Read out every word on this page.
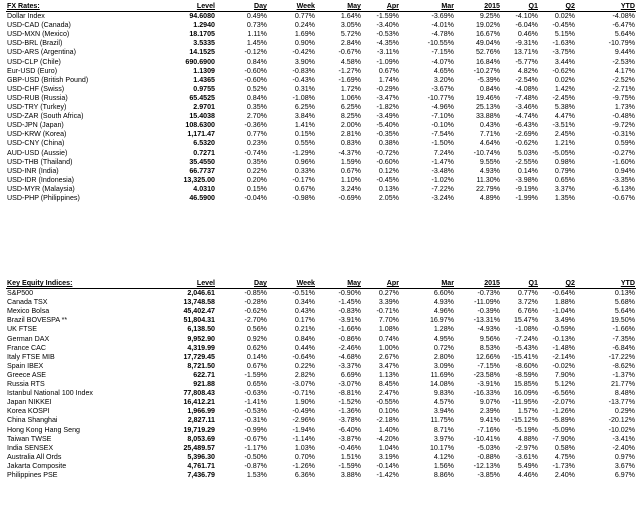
FX Rates:	Level	Day	Week	May	Apr	Mar	2015	Q1	Q2	YTD
Dollar Index	94.6080	0.49%	0.77%	1.64%	-1.59%	-3.69%	9.25%	-4.10%	0.02%	-4.08%
USD-CAD (Canada)	1.2940	0.73%	0.24%	3.05%	-3.40%	-4.01%	19.02%	-6.04%	-0.45%	-6.47%
USD-MXN (Mexico)	18.1705	1.11%	1.69%	5.72%	-0.53%	-4.78%	16.67%	0.46%	5.15%	5.64%
USD-BRL (Brazil)	3.5335	1.45%	0.90%	2.84%	-4.35%	-10.55%	49.04%	-9.31%	-1.63%	-10.79%
USD-ARS (Argentina)	14.1525	-0.12%	-0.42%	-0.67%	-3.11%	-7.15%	52.76%	13.71%	-3.75%	9.44%
USD-CLP (Chile)	690.6900	0.84%	3.90%	4.58%	-1.09%	-4.07%	16.84%	-5.77%	3.44%	-2.53%
Eur-USD (Euro)	1.1309	-0.60%	-0.83%	-1.27%	0.67%	4.65%	-10.27%	4.82%	-0.62%	4.17%
GBP-USD (British Pound)	1.4365	-0.60%	-0.43%	-1.69%	1.74%	3.20%	-5.39%	-2.54%	0.02%	-2.52%
USD-CHF (Swiss)	0.9755	0.52%	0.31%	1.72%	-0.29%	-3.67%	0.84%	-4.08%	1.42%	-2.71%
USD-RUB (Russia)	65.4525	0.84%	-1.08%	1.06%	-3.47%	-10.77%	19.46%	-7.48%	-2.45%	-9.75%
USD-TRY (Turkey)	2.9701	0.35%	6.25%	6.25%	-1.82%	-4.96%	25.13%	-3.46%	5.38%	1.73%
USD-ZAR (South Africa)	15.4038	2.70%	3.84%	8.25%	-3.49%	-7.10%	33.88%	-4.74%	4.47%	-0.48%
USD-JPN (Japan)	108.6300	-0.36%	1.41%	2.00%	-5.40%	-0.10%	0.43%	-6.43%	-3.51%	-9.72%
USD-KRW (Korea)	1,171.47	0.77%	0.15%	2.81%	-0.35%	-7.54%	7.71%	-2.69%	2.45%	-0.31%
USD-CNY (China)	6.5320	0.23%	0.55%	0.83%	0.38%	-1.50%	4.64%	-0.62%	1.21%	0.59%
AUD-USD (Aussie)	0.7271	-0.74%	-1.29%	-4.37%	-0.72%	7.24%	-10.74%	5.03%	-5.05%	-0.27%
USD-THB (Thailand)	35.4550	0.35%	0.96%	1.59%	-0.60%	-1.47%	9.55%	-2.55%	0.98%	-1.60%
USD-INR (India)	66.7737	0.22%	0.33%	0.67%	0.12%	-3.48%	4.93%	0.14%	0.79%	0.94%
USD-IDR (Indonesia)	13,325.00	0.20%	-0.17%	1.10%	-0.45%	-1.02%	11.30%	-3.98%	0.65%	-3.35%
USD-MYR (Malaysia)	4.0310	0.15%	0.67%	3.24%	0.13%	-7.22%	22.79%	-9.19%	3.37%	-6.13%
USD-PHP (Philippines)	46.5900	-0.04%	-0.98%	-0.69%	2.05%	-3.24%	4.89%	-1.99%	1.35%	-0.67%
Key Equity Indices:	Level	Day	Week	May	Apr	Mar	2015	Q1	Q2	YTD
S&P500	2,046.61	-0.85%	-0.51%	-0.90%	0.27%	6.60%	-0.73%	0.77%	-0.64%	0.13%
Canada TSX	13,748.58	-0.28%	0.34%	-1.45%	3.39%	4.93%	-11.09%	3.72%	1.88%	5.68%
Mexico Bolsa	45,402.47	-0.62%	0.43%	-0.83%	-0.71%	4.96%	-0.39%	6.76%	-1.04%	5.64%
Brazil BOVESPA **	51,804.31	-2.70%	0.17%	-3.91%	7.70%	16.97%	-13.31%	15.47%	3.49%	19.50%
UK FTSE	6,138.50	0.56%	0.21%	-1.66%	1.08%	1.28%	-4.93%	-1.08%	-0.59%	-1.66%
German DAX	9,952.90	0.92%	0.84%	-0.86%	0.74%	4.95%	9.56%	-7.24%	-0.13%	-7.35%
France CAC	4,319.99	0.62%	0.44%	-2.46%	1.00%	0.72%	8.53%	-5.43%	-1.48%	-6.84%
Italy FTSE MIB	17,729.45	0.14%	-0.64%	-4.68%	2.67%	2.80%	12.66%	-15.41%	-2.14%	-17.22%
Spain IBEX	8,721.50	0.67%	0.22%	-3.37%	3.47%	3.09%	-7.15%	-8.60%	-0.02%	-8.62%
Greece ASE	622.71	-1.59%	2.82%	6.69%	1.13%	11.69%	-23.58%	-8.59%	7.90%	-1.37%
Russia RTS	921.88	0.65%	-3.07%	-3.07%	8.45%	14.08%	-3.91%	15.85%	5.12%	21.77%
Istanbul National 100 Index	77,808.43	-0.63%	-0.71%	-8.81%	2.47%	9.83%	-16.33%	16.09%	-6.56%	8.48%
Japan NIKKEI	16,412.21	-1.41%	1.90%	-1.52%	-0.55%	4.57%	9.07%	-11.95%	-2.07%	-13.77%
Korea KOSPI	1,966.99	-0.53%	-0.49%	-1.36%	0.10%	3.94%	2.39%	1.57%	-1.26%	0.29%
China Shanghai	2,827.11	-0.31%	-2.96%	-3.78%	-2.18%	11.75%	9.41%	-15.12%	-5.89%	-20.12%
Hong Kong Hang Seng	19,719.29	-0.99%	-1.94%	-6.40%	1.40%	8.71%	-7.16%	-5.19%	-5.09%	-10.02%
Taiwan TWSE	8,053.69	-0.67%	-1.14%	-3.87%	-4.20%	3.97%	-10.41%	4.88%	-7.90%	-3.41%
India SENSEX	25,489.57	-1.17%	1.03%	-0.46%	1.04%	10.17%	-5.03%	-2.97%	0.58%	-2.40%
Australia All Ords	5,396.30	-0.50%	0.70%	1.51%	3.19%	4.12%	-0.88%	-3.61%	4.75%	0.97%
Jakarta Composite	4,761.71	-0.87%	-1.26%	-1.59%	-0.14%	1.56%	-12.13%	5.49%	-1.73%	3.67%
Philippines PSE	7,436.79	1.53%	6.36%	3.88%	-1.42%	8.86%	-3.85%	4.46%	2.40%	6.97%
